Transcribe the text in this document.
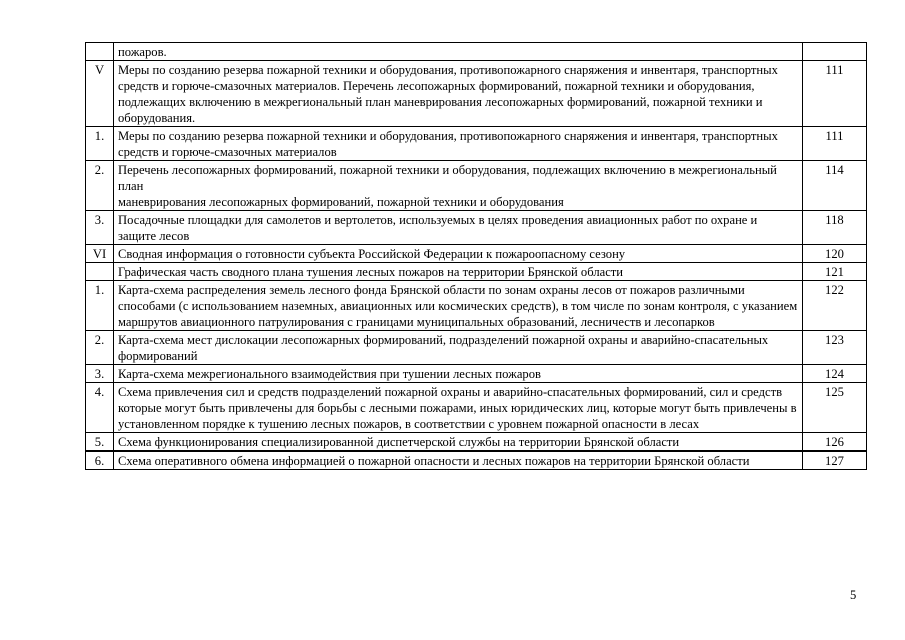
	пожаров.	
V	Меры по созданию резерва пожарной техники и оборудования, противопожарного снаряжения и инвентаря, транспортных средств и горюче-смазочных материалов. Перечень лесопожарных формирований, пожарной техники и оборудования, подлежащих включению в межрегиональный план маневрирования лесопожарных формирований, пожарной техники и оборудования.	111
1.	Меры по созданию резерва пожарной техники и оборудования, противопожарного снаряжения и инвентаря, транспортных средств и горюче-смазочных материалов	111
2.	Перечень лесопожарных формирований, пожарной техники и оборудования, подлежащих включению в межрегиональный план
маневрирования лесопожарных формирований, пожарной техники и оборудования	114
3.	Посадочные площадки для самолетов и вертолетов, используемых в целях проведения авиационных работ по охране и защите лесов	118
VI	Сводная информация о готовности субъекта Российской Федерации к пожароопасному сезону	120
	Графическая часть сводного плана тушения лесных пожаров на территории Брянской области	121
1.	Карта-схема распределения земель лесного фонда Брянской области по зонам охраны лесов от пожаров различными способами (с использованием наземных, авиационных или космических средств), в том числе по зонам контроля, с указанием маршрутов авиационного патрулирования с границами муниципальных образований, лесничеств и лесопарков	122
2.	Карта-схема мест дислокации лесопожарных формирований, подразделений пожарной охраны и аварийно-спасательных формирований	123
3.	Карта-схема межрегионального взаимодействия при тушении лесных пожаров	124
4.	Схема привлечения сил и средств подразделений пожарной охраны и аварийно-спасательных формирований, сил и средств которые могут быть привлечены для борьбы с лесными пожарами, иных юридических лиц, которые могут быть привлечены в установленном порядке к тушению лесных пожаров, в соответствии с уровнем пожарной опасности в лесах	125
5.	Схема функционирования специализированной диспетчерской службы на территории Брянской области	126
6.	Схема оперативного обмена информацией о пожарной опасности и лесных пожаров на территории Брянской области	127
5
